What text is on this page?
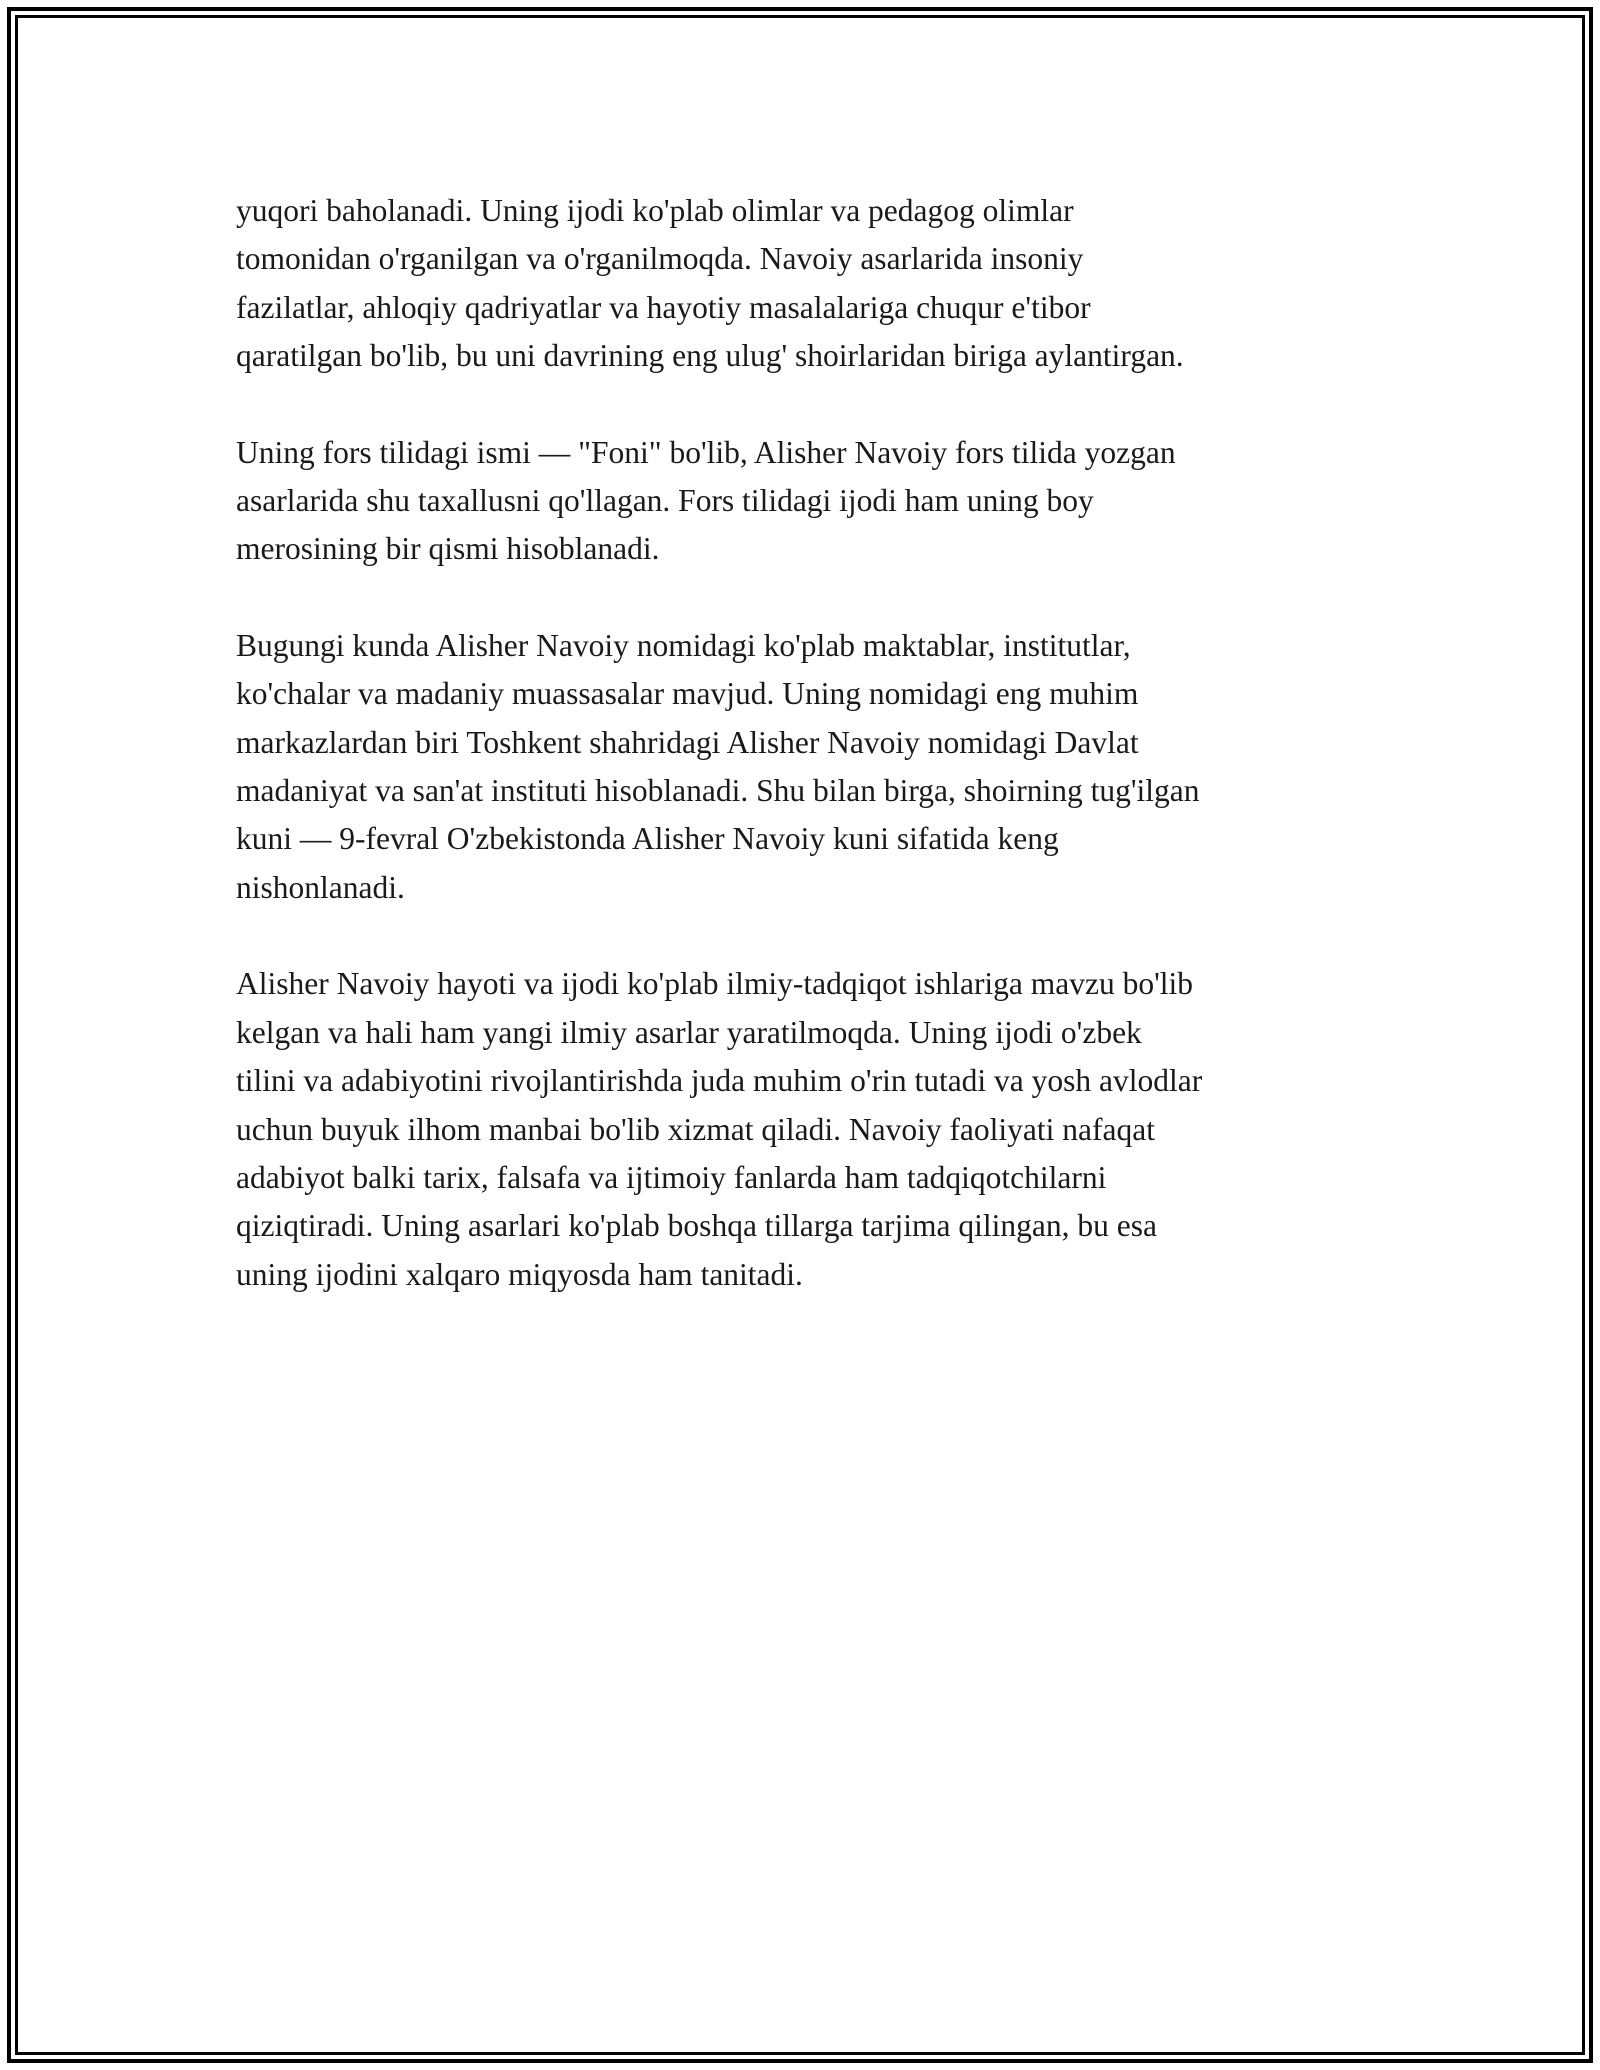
yuqori baholanadi. Uning ijodi ko'plab olimlar va pedagog olimlar
tomonidan o'rganilgan va o'rganilmoqda. Navoiy asarlarida insoniy
fazilatlar, ahloqiy qadriyatlar va hayotiy masalalariga chuqur e'tibor
qaratilgan bo'lib, bu uni davrining eng ulug' shoirlaridan biriga aylantirgan.

Uning fors tilidagi ismi — "Foni" bo'lib, Alisher Navoiy fors tilida yozgan
asarlarida shu taxallusni qo'llagan. Fors tilidagi ijodi ham uning boy
merosining bir qismi hisoblanadi.

Bugungi kunda Alisher Navoiy nomidagi ko'plab maktablar, institutlar,
ko'chalar va madaniy muassasalar mavjud. Uning nomidagi eng muhim
markazlardan biri Toshkent shahridagi Alisher Navoiy nomidagi Davlat
madaniyat va san'at instituti hisoblanadi. Shu bilan birga, shoirning tug'ilgan
kuni — 9-fevral O'zbekistonda Alisher Navoiy kuni sifatida keng
nishonlanadi.

Alisher Navoiy hayoti va ijodi ko'plab ilmiy-tadqiqot ishlariga mavzu bo'lib
kelgan va hali ham yangi ilmiy asarlar yaratilmoqda. Uning ijodi o'zbek
tilini va adabiyotini rivojlantirishda juda muhim o'rin tutadi va yosh avlodlar
uchun buyuk ilhom manbai bo'lib xizmat qiladi. Navoiy faoliyati nafaqat
adabiyot balki tarix, falsafa va ijtimoiy fanlarda ham tadqiqotchilarni
qiziqtiradi. Uning asarlari ko'plab boshqa tillarga tarjima qilingan, bu esa
uning ijodini xalqaro miqyosda ham tanitadi.
